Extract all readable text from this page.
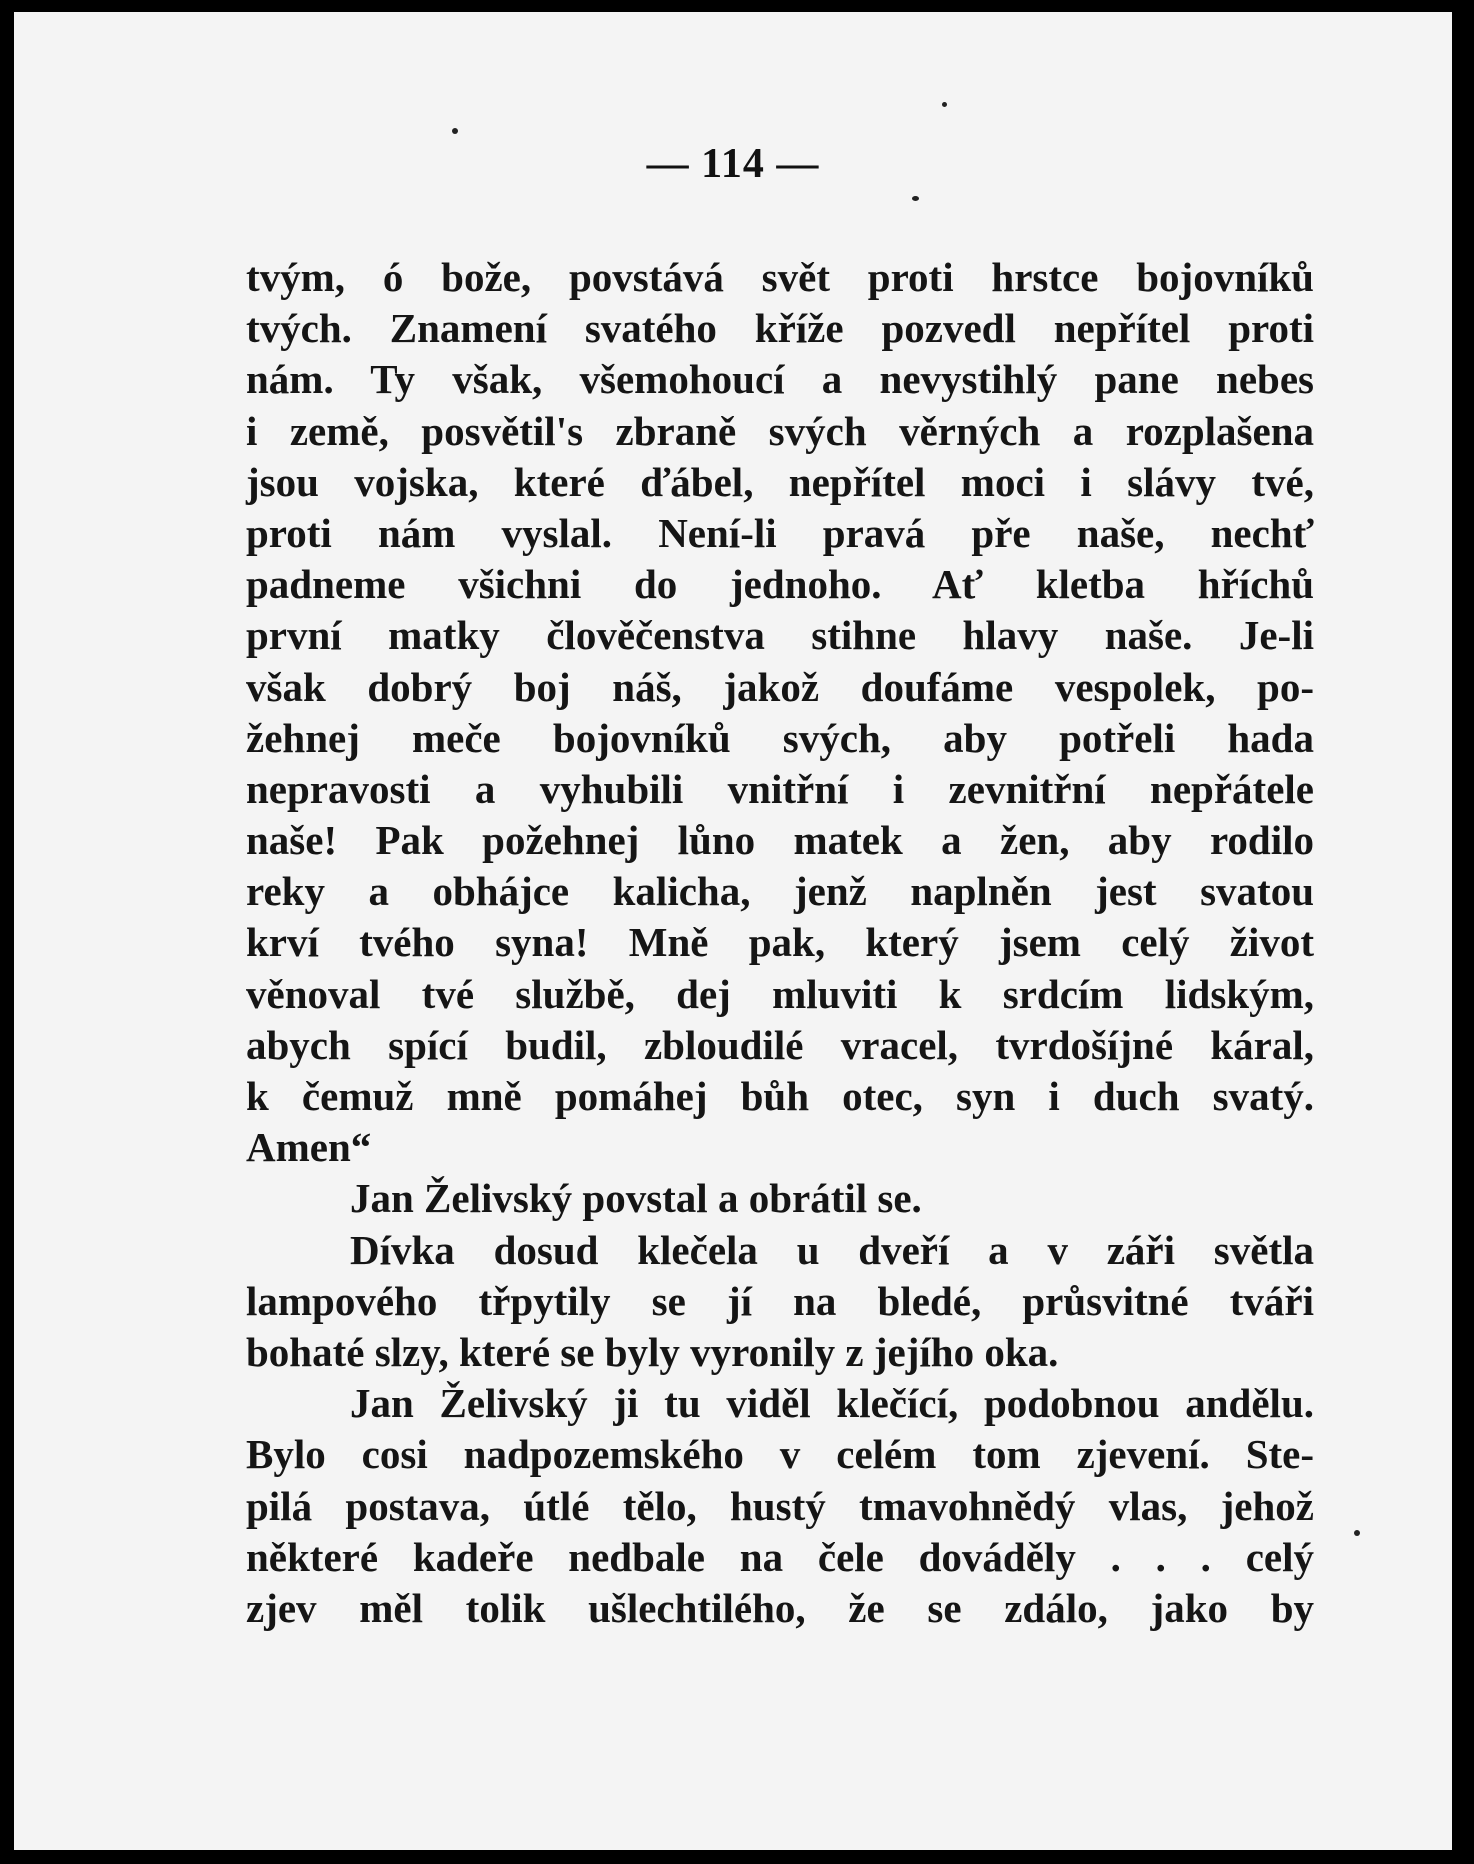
— 114 —

tvým, ó bože, povstává svět proti hrstce bojovníků
tvých. Znamení svatého kříže pozvedl nepřítel proti
nám. Ty však, všemohoucí a nevystihlý pane nebes
i země, posvětil's zbraně svých věrných a rozplašena
jsou vojska, které ďábel, nepřítel moci i slávy tvé,
proti nám vyslal. Není-li pravá pře naše, nechť
padneme všichni do jednoho. Ať kletba hříchů
první matky člověčenstva stihne hlavy naše. Je-li
však dobrý boj náš, jakož doufáme vespolek, po-
žehnej meče bojovníků svých, aby potřeli hada
nepravosti a vyhubili vnitřní i zevnitřní nepřátele
naše! Pak požehnej lůno matek a žen, aby rodilo
reky a obhájce kalicha, jenž naplněn jest svatou
krví tvého syna! Mně pak, který jsem celý život
věnoval tvé službě, dej mluviti k srdcím lidským,
abych spící budil, zbloudilé vracel, tvrdošíjné káral,
k čemuž mně pomáhej bůh otec, syn i duch svatý.
Amen“
Jan Želivský povstal a obrátil se.
Dívka dosud klečela u dveří a v záři světla
lampového třpytily se jí na bledé, průsvitné tváři
bohaté slzy, které se byly vyronily z jejího oka.
Jan Želivský ji tu viděl klečící, podobnou andělu.
Bylo cosi nadpozemského v celém tom zjevení. Ste-
pilá postava, útlé tělo, hustý tmavohnědý vlas, jehož
některé kadeře nedbale na čele dováděly . . . celý
zjev měl tolik ušlechtilého, že se zdálo, jako by
